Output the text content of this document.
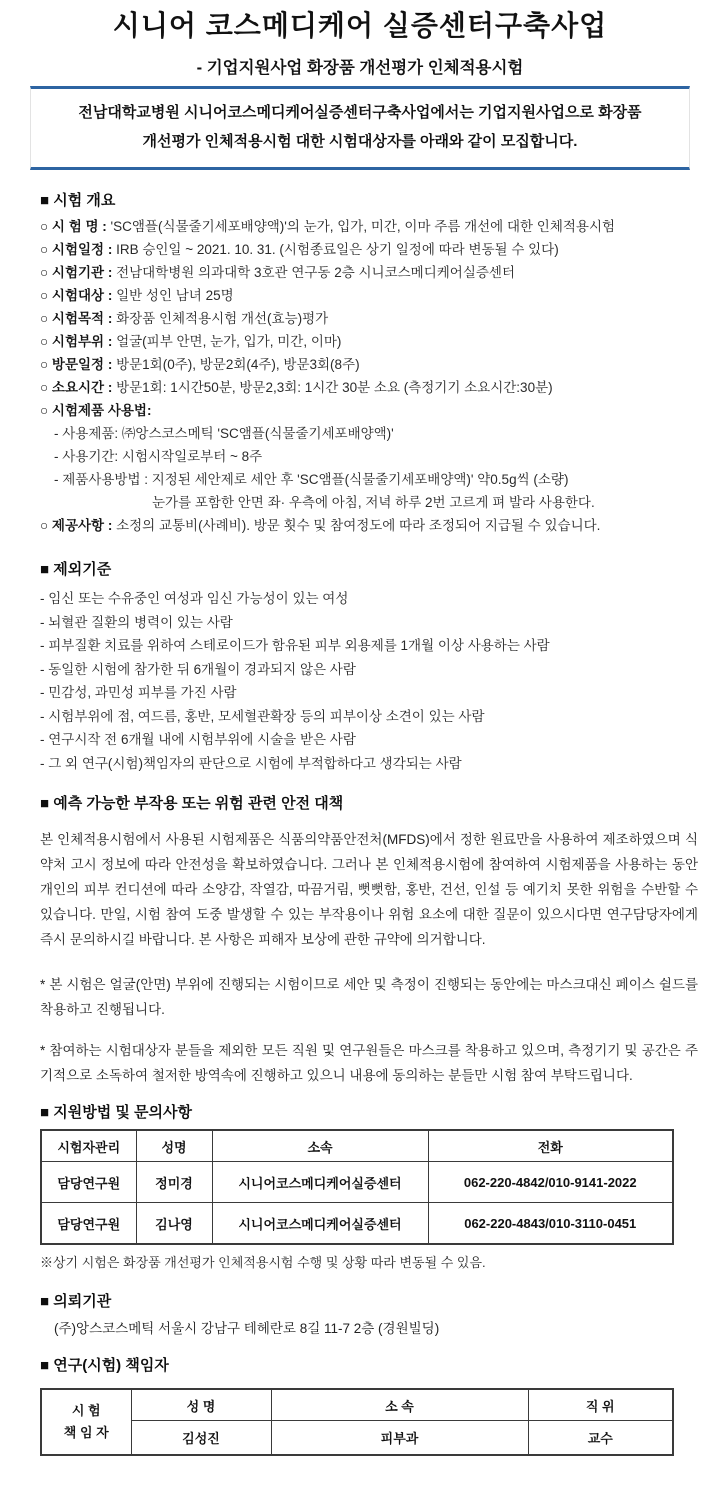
시니어 코스메디케어 실증센터구축사업
- 기업지원사업 화장품 개선평가 인체적용시험
전남대학교병원 시니어코스메디케어실증센터구축사업에서는 기업지원사업으로 화장품
개선평가 인체적용시험 대한 시험대상자를 아래와 같이 모집합니다.
■ 시험 개요
○ 시 험 명 : 'SC앰플(식물줄기세포배양액)'의 눈가, 입가, 미간, 이마 주름 개선에 대한 인체적용시험
○ 시험일정 : IRB 승인일 ~ 2021. 10. 31. (시험종료일은 상기 일정에 따라 변동될 수 있다)
○ 시험기관 : 전남대학병원 의과대학 3호관 연구동 2층 시니코스메디케어실증센터
○ 시험대상 : 일반 성인 남녀 25명
○ 시험목적 : 화장품 인체적용시험 개선(효능)평가
○ 시험부위 : 얼굴(피부 안면, 눈가, 입가, 미간, 이마)
○ 방문일정 : 방문1회(0주), 방문2회(4주), 방문3회(8주)
○ 소요시간 : 방문1회: 1시간50분, 방문2,3회: 1시간 30분 소요 (측정기기 소요시간:30분)
○ 시험제품 사용법:
- 사용제품: ㈜앙스코스메틱 'SC앰플(식물줄기세포배양액)'
- 사용기간: 시험시작일로부터 ~ 8주
- 제품사용방법 : 지정된 세안제로 세안 후 'SC앰플(식물줄기세포배양액)' 약0.5g씩 (소량)
눈가를 포함한 안면 좌· 우측에 아침, 저녁 하루 2번 고르게 펴 발라 사용한다.
○ 제공사항 : 소정의 교통비(사례비). 방문 횟수 및 참여정도에 따라 조정되어 지급될 수 있습니다.
■ 제외기준
- 임신 또는 수유중인 여성과 임신 가능성이 있는 여성
- 뇌혈관 질환의 병력이 있는 사람
- 피부질환 치료를 위하여 스테로이드가 함유된 피부 외용제를 1개월 이상 사용하는 사람
- 동일한 시험에 참가한 뒤 6개월이 경과되지 않은 사람
- 민감성, 과민성 피부를 가진 사람
- 시험부위에 점, 여드름, 홍반, 모세혈관확장 등의 피부이상 소견이 있는 사람
- 연구시작 전 6개월 내에 시험부위에 시술을 받은 사람
- 그 외 연구(시험)책임자의 판단으로 시험에 부적합하다고 생각되는 사람
■ 예측 가능한 부작용 또는 위험 관련 안전 대책
본 인체적용시험에서 사용된 시험제품은 식품의약품안전처(MFDS)에서 정한 원료만을 사용하여 제조하였으며 식약처 고시 정보에 따라 안전성을 확보하였습니다. 그러나 본 인체적용시험에 참여하여 시험제품을 사용하는 동안 개인의 피부 컨디션에 따라 소양감, 작열감, 따끔거림, 뻣뻣함, 홍반, 건선, 인설 등 예기치 못한 위험을 수반할 수 있습니다. 만일, 시험 참여 도중 발생할 수 있는 부작용이나 위험 요소에 대한 질문이 있으시다면 연구담당자에게 즉시 문의하시길 바랍니다. 본 사항은 피해자 보상에 관한 규약에 의거합니다.
* 본 시험은 얼굴(안면) 부위에 진행되는 시험이므로 세안 및 측정이 진행되는 동안에는 마스크대신 페이스 쉴드를 착용하고 진행됩니다.
* 참여하는 시험대상자 분들을 제외한 모든 직원 및 연구원들은 마스크를 착용하고 있으며, 측정기기 및 공간은 주기적으로 소독하여 철저한 방역속에 진행하고 있으니 내용에 동의하는 분들만 시험 참여 부탁드립니다.
■ 지원방법 및 문의사항
시험자관리	성명	소속	전화
담당연구원	정미경	시니어코스메디케어실증센터	062-220-4842/010-9141-2022
담당연구원	김나영	시니어코스메디케어실증센터	062-220-4843/010-3110-0451
※상기 시험은 화장품 개선평가 인체적용시험 수행 및 상황 따라 변동될 수 있음.
■ 의뢰기관
(주)앙스코스메틱 서울시 강남구 테헤란로 8길 11-7 2층 (경원빌딩)
■ 연구(시험) 책임자
시 험
책 임 자	성 명	소 속	직 위
	김성진	피부과	교수
